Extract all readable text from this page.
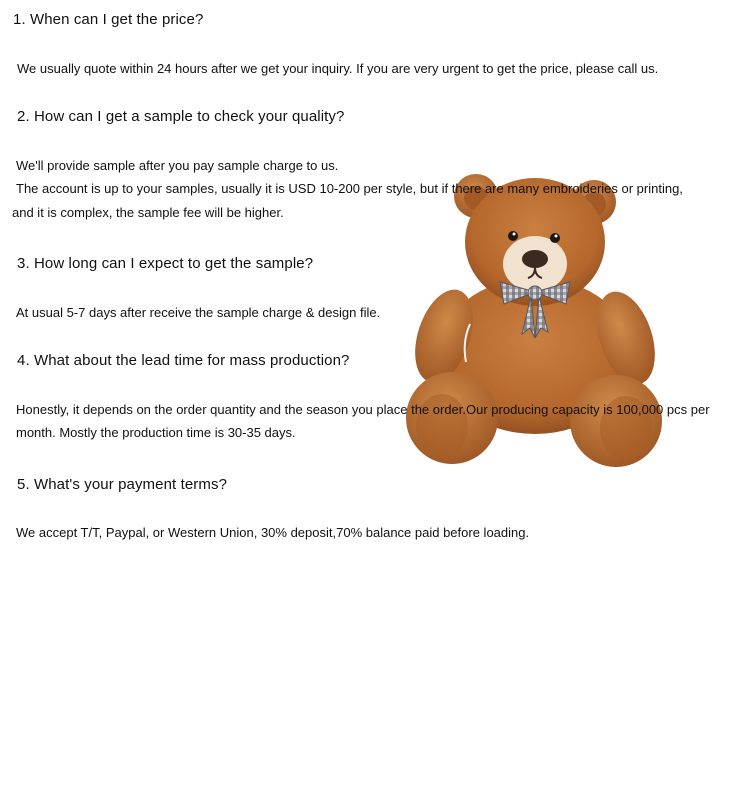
1. When can I get the price?

We usually quote within 24 hours after we get your inquiry. If you are very urgent to get the price, please call us.

2. How can I get a sample to check your quality?

We'll provide sample after you pay sample charge to us.

The account is up to your samples, usually it is USD 10-200 per style, but if there are many embroideries or printing,

and it is complex, the sample fee will be higher.

3. How long can I expect to get the sample?

At usual 5-7 days after receive the sample charge & design file.

4. What about the lead time for mass production?

Honestly, it depends on the order quantity and the season you place the order.Our producing capacity is 100,000 pcs per

month. Mostly the production time is 30-35 days.

5. What's your payment terms?

We accept T/T, Paypal, or Western Union, 30% deposit,70% balance paid before loading.
